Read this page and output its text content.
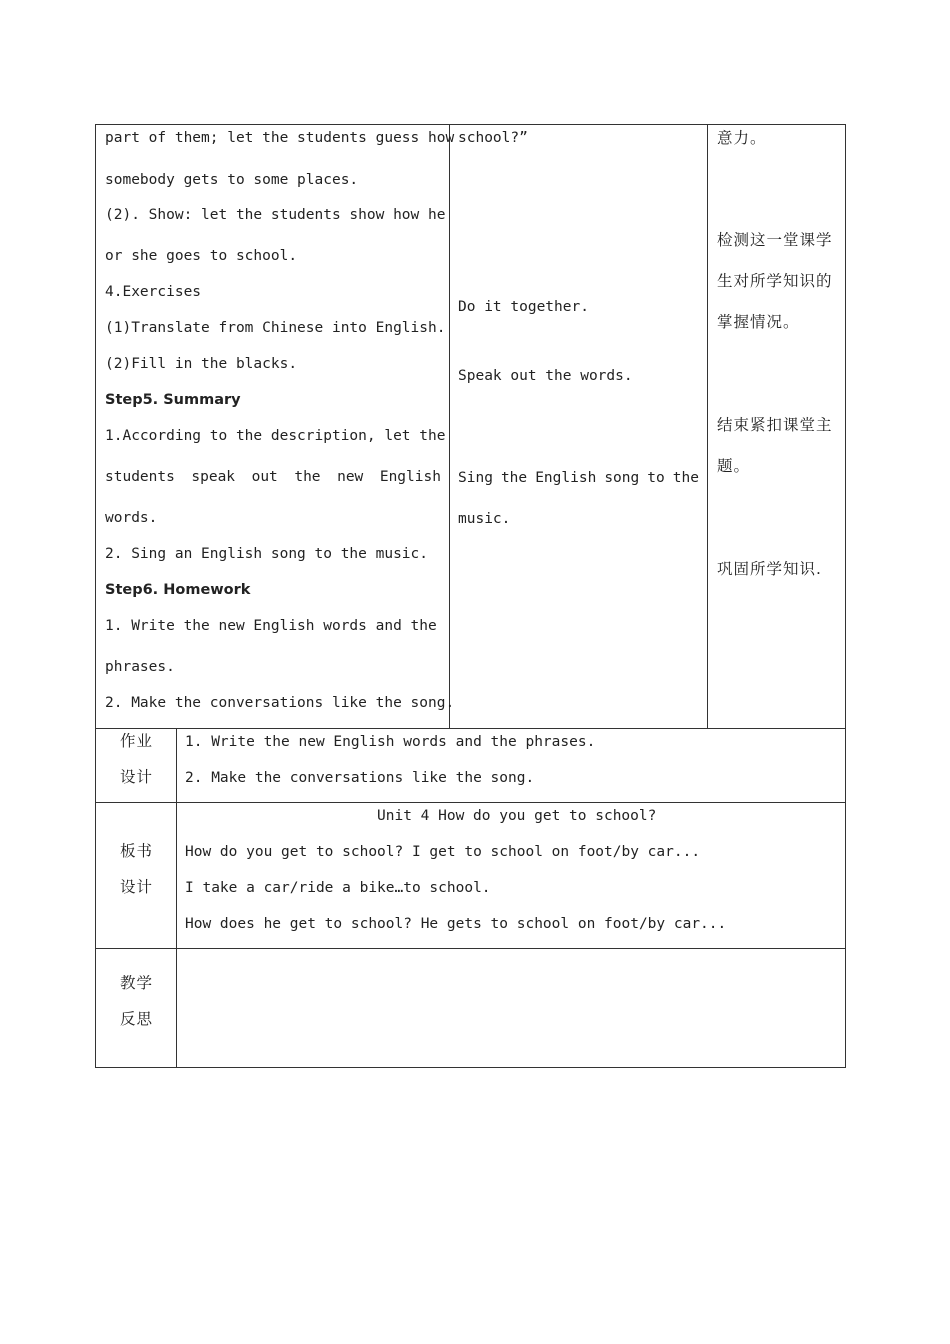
part of them; let the students guess how
somebody gets to some places.
(2). Show: let the students show how he
or she goes to school.
4.Exercises
(1)Translate from Chinese into English.
(2)Fill in the blacks.
Step5. Summary
1.According to the description, let the
students speak out the new English
words.
2. Sing an English song to the music.
Step6. Homework
1. Write the new English words and the
phrases.
2. Make the conversations like the song.
school?”
Do it together.
Speak out the words.
Sing the English song to the
music.
意力。
检测这一堂课学
生对所学知识的
掌握情况。
结束紧扣课堂主
题。
巩固所学知识.
作业
设计
1. Write the new English words and the phrases.
2. Make the conversations like the song.
板书
设计
Unit 4 How do you get to school?
How do you get to school? I get to school on foot/by car...
I take a car/ride a bike…to school.
How does he get to school? He gets to school on foot/by car...
教学
反思
